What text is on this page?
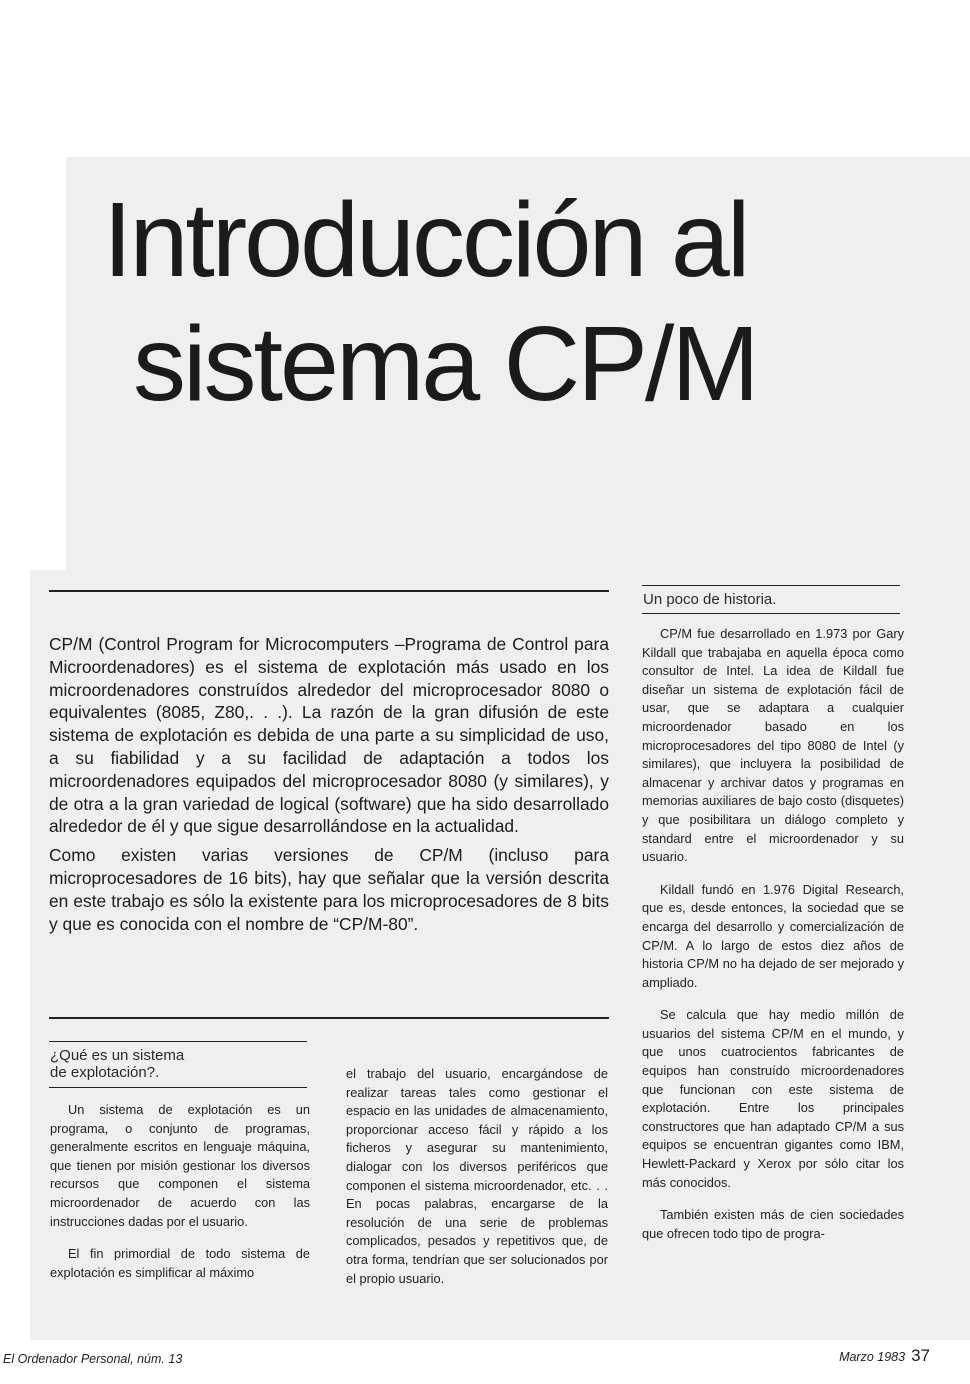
Introducción al
sistema CP/M

CP/M (Control Program for Microcomputers –Programa de Control para Microordenadores) es el sistema de explotación más usado en los microordenadores construídos alrededor del microprocesador 8080 o equivalentes (8085, Z80,. . .). La razón de la gran difusión de este sistema de explotación es debida de una parte a su simplicidad de uso, a su fiabilidad y a su facilidad de adaptación a todos los microordenadores equipados del microprocesador 8080 (y similares), y de otra a la gran variedad de logical (software) que ha sido desarrollado alrededor de él y que sigue desarrollándose en la actualidad.

Como existen varias versiones de CP/M (incluso para microprocesadores de 16 bits), hay que señalar que la versión descrita en este trabajo es sólo la existente para los microprocesadores de 8 bits y que es conocida con el nombre de “CP/M-80”.

¿Qué es un sistema
de explotación?.

Un sistema de explotación es un programa, o conjunto de programas, generalmente escritos en lenguaje máquina, que tienen por misión gestionar los diversos recursos que componen el sistema microordenador de acuerdo con las instrucciones dadas por el usuario.

El fin primordial de todo sistema de explotación es simplificar al máximo

el trabajo del usuario, encargándose de realizar tareas tales como gestionar el espacio en las unidades de almacenamiento, proporcionar acceso fácil y rápido a los ficheros y asegurar su mantenimiento, dialogar con los diversos periféricos que componen el sistema microordenador, etc. . . En pocas palabras, encargarse de la resolución de una serie de problemas complicados, pesados y repetitivos que, de otra forma, tendrían que ser solucionados por el propio usuario.

Un poco de historia.

CP/M fue desarrollado en 1.973 por Gary Kildall que trabajaba en aquella época como consultor de Intel. La idea de Kildall fue diseñar un sistema de explotación fácil de usar, que se adaptara a cualquier microordenador basado en los microprocesadores del tipo 8080 de Intel (y similares), que incluyera la posibilidad de almacenar y archivar datos y programas en memorias auxiliares de bajo costo (disquetes) y que posibilitara un diálogo completo y standard entre el microordenador y su usuario.

Kildall fundó en 1.976 Digital Research, que es, desde entonces, la sociedad que se encarga del desarrollo y comercialización de CP/M. A lo largo de estos diez años de historia CP/M no ha dejado de ser mejorado y ampliado.

Se calcula que hay medio millón de usuarios del sistema CP/M en el mundo, y que unos cuatrocientos fabricantes de equipos han construído microordenadores que funcionan con este sistema de explotación. Entre los principales constructores que han adaptado CP/M a sus equipos se encuentran gigantes como IBM, Hewlett-Packard y Xerox por sólo citar los más conocidos.

También existen más de cien sociedades que ofrecen todo tipo de progra-

El Ordenador Personal, núm. 13	Marzo 1983 37
